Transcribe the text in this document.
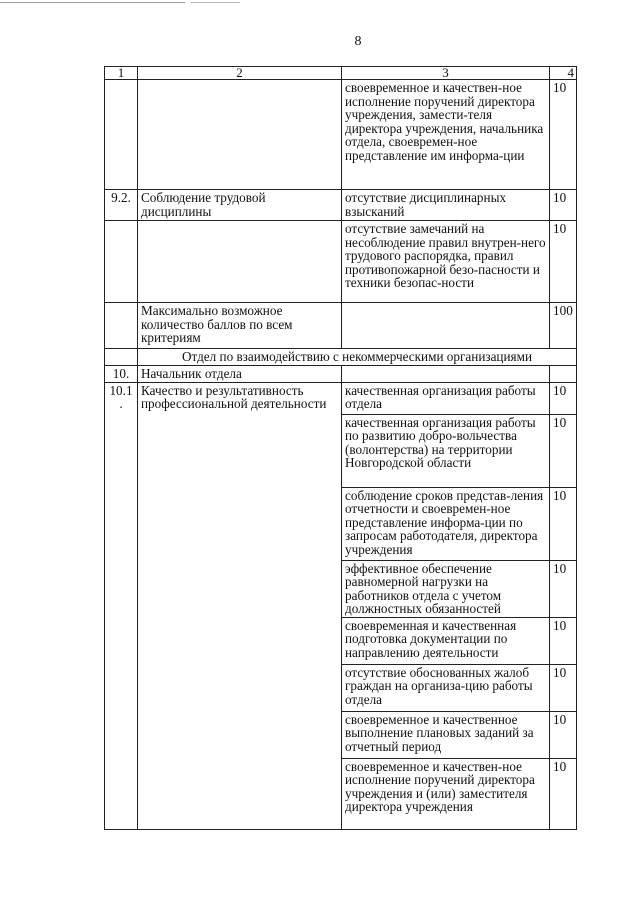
8
1	2	3	4
		своевременное и качествен-ное исполнение поручений директора учреждения, замести-теля директора учреждения, начальника отдела, своевремен-ное представление им информа-ции	10
9.2.	Соблюдение трудовой дисциплины	отсутствие дисциплинарных взысканий	10
		отсутствие замечаний на несоблюдение правил внутрен-него трудового распорядка, правил противопожарной безо-пасности и техники безопас-ности	10
	Максимально возможное количество баллов по всем критериям		100
	Отдел по взаимодействию с некоммерческими организациями		
10.	Начальник отдела		
10.1.	Качество и результативность профессиональной деятельности	качественная организация работы отдела	10
		качественная организация работы по развитию добро-вольчества (волонтерства) на территории Новгородской области	10
		соблюдение сроков представ-ления отчетности и своевремен-ное представление информа-ции по запросам работодателя, директора учреждения	10
		эффективное обеспечение равномерной нагрузки на работников отдела с учетом должностных обязанностей	10
		своевременная и качественная подготовка документации по направлению деятельности	10
		отсутствие обоснованных жалоб граждан на организа-цию работы отдела	10
		своевременное и качественное выполнение плановых заданий за отчетный период	10
		своевременное и качествен-ное исполнение поручений директора учреждения и (или) заместителя директора учреждения	10
